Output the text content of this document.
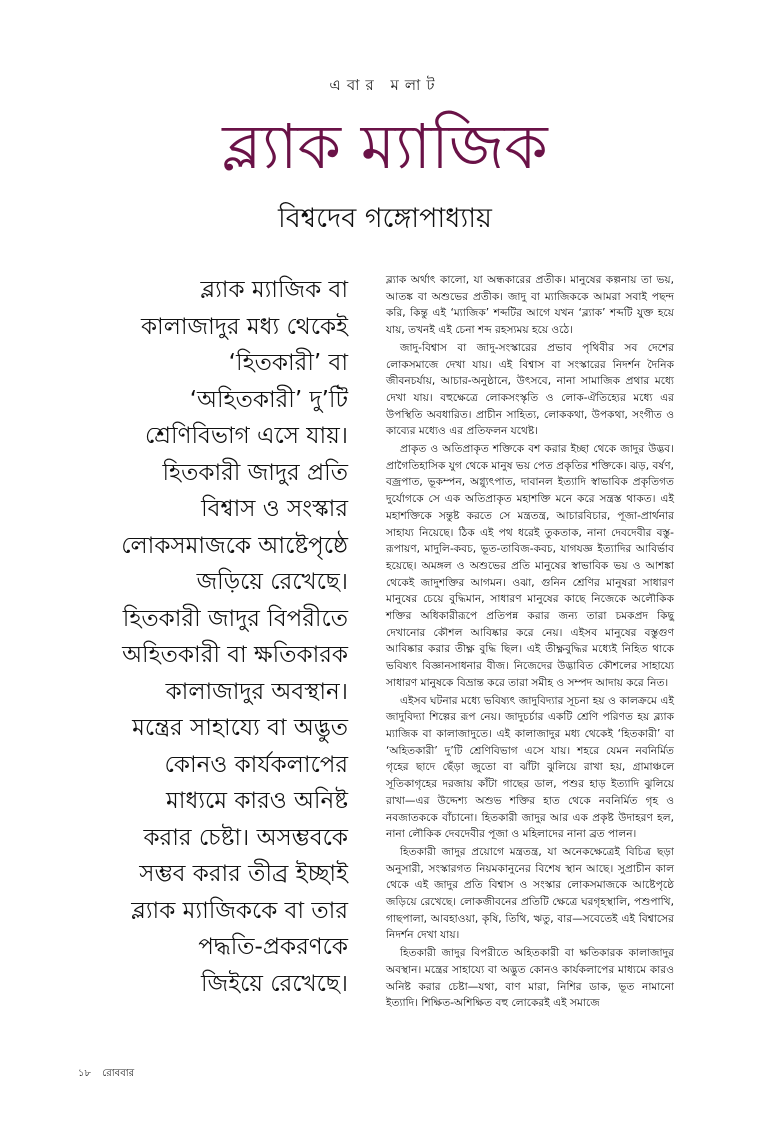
এবার মলাট
ব্ল্যাক ম্যাজিক
বিশ্বদেব গঙ্গোপাধ্যায়
ব্ল্যাক ম্যাজিক বা
কালাজাদুর মধ্য থেকেই
‘হিতকারী’ বা
‘অহিতকারী’ দু’টি
শ্রেণিবিভাগ এসে যায়।
হিতকারী জাদুর প্রতি
বিশ্বাস ও সংস্কার
লোকসমাজকে আষ্টেপৃষ্ঠে
জড়িয়ে রেখেছে।
হিতকারী জাদুর বিপরীতে
অহিতকারী বা ক্ষতিকারক
কালাজাদুর অবস্থান।
মন্ত্রের সাহায্যে বা অদ্ভুত
কোনও কার্যকলাপের
মাধ্যমে কারও অনিষ্ট
করার চেষ্টা। অসম্ভবকে
সম্ভব করার তীব্র ইচ্ছাই
ব্ল্যাক ম্যাজিককে বা তার
পদ্ধতি-প্রকরণকে
জিইয়ে রেখেছে।

ব্ল্যাক অর্থাৎ কালো, যা অন্ধকারের প্রতীক। মানুষের কল্পনায় তা ভয়, আতঙ্ক বা অশুভের প্রতীক। জাদু বা ম্যাজিককে আমরা সবাই পছন্দ করি, কিন্তু এই ‘ম্যাজিক’ শব্দটির আগে যখন ‘ব্ল্যাক’ শব্দটি যুক্ত হয়ে যায়, তখনই এই চেনা শব্দ রহস্যময় হয়ে ওঠে।

জাদু-বিশ্বাস বা জাদু-সংস্কারের প্রভাব পৃথিবীর সব দেশের লোকসমাজে দেখা যায়। এই বিশ্বাস বা সংস্কারের নিদর্শন দৈনিক জীবনচর্যায়, আচার-অনুষ্ঠানে, উৎসবে, নানা সামাজিক প্রথার মধ্যে দেখা যায়। বহুক্ষেত্রে লোকসংস্কৃতি ও লোক-ঐতিহ্যের মধ্যে এর উপস্থিতি অবধারিত। প্রাচীন সাহিত্য, লোককথা, উপকথা, সংগীত ও কাব্যের মধ্যেও এর প্রতিফলন যথেষ্ট।

প্রাকৃত ও অতিপ্রাকৃত শক্তিকে বশ করার ইচ্ছা থেকে জাদুর উদ্ভব। প্রাগৈতিহাসিক যুগ থেকে মানুষ ভয় পেত প্রকৃতির শক্তিকে। ঝড়, বর্ষণ, বজ্রপাত, ভূকম্পন, অগ্ন্যুৎপাত, দাবানল ইত্যাদি স্বাভাবিক প্রকৃতিগত দুর্যোগকে সে এক অতিপ্রাকৃত মহাশক্তি মনে করে সন্ত্রস্ত থাকত। এই মহাশক্তিকে সন্তুষ্ট করতে সে মন্ত্রতন্ত্র, আচারবিচার, পূজা-প্রার্থনার সাহায্য নিয়েছে। ঠিক এই পথ ধরেই তুকতাক, নানা দেবদেবীর বস্তু-রূপায়ণ, মাদুলি-কবচ, ভূত-তাবিজ-কবচ, যাগযজ্ঞ ইত্যাদির আবির্ভাব হয়েছে। অমঙ্গল ও অশুভের প্রতি মানুষের স্বাভাবিক ভয় ও আশঙ্কা থেকেই জাদুশক্তির আগমন। ওঝা, গুনিন শ্রেণির মানুষরা সাধারণ মানুষের চেয়ে বুদ্ধিমান, সাধারণ মানুষের কাছে নিজেকে অলৌকিক শক্তির অধিকারীরূপে প্রতিপন্ন করার জন্য তারা চমকপ্রদ কিছু দেখানোর কৌশল আবিষ্কার করে নেয়। এইসব মানুষের বস্তুগুণ আবিষ্কার করার তীক্ষ্ণ বুদ্ধি ছিল। এই তীক্ষ্ণবুদ্ধির মধ্যেই নিহিত থাকে ভবিষ্যৎ বিজ্ঞানসাধনার বীজ। নিজেদের উদ্ভাবিত কৌশলের সাহায্যে সাধারণ মানুষকে বিভ্রান্ত করে তারা সমীহ ও সম্পদ আদায় করে নিত।

এইসব ঘটনার মধ্যে ভবিষ্যৎ জাদুবিদ্যার সূচনা হয় ও কালক্রমে এই জাদুবিদ্যা শিল্পের রূপ নেয়। জাদুচর্চার একটি শ্রেণি পরিণত হয় ব্ল্যাক ম্যাজিক বা কালাজাদুতে। এই কালাজাদুর মধ্য থেকেই ‘হিতকারী’ বা ‘অহিতকারী’ দু’টি শ্রেণিবিভাগ এসে যায়। শহরে যেমন নবনির্মিত গৃহের ছাদে ছেঁড়া জুতো বা ঝাঁটা ঝুলিয়ে রাখা হয়, গ্রামাঞ্চলে সূতিকাগৃহের দরজায় কাঁটা গাছের ডাল, পশুর হাড় ইত্যাদি ঝুলিয়ে রাখা—এর উদ্দেশ্য অশুভ শক্তির হাত থেকে নবনির্মিত গৃহ ও নবজাতককে বাঁচানো। হিতকারী জাদুর আর এক প্রকৃষ্ট উদাহরণ হল, নানা লৌকিক দেবদেবীর পূজা ও মহিলাদের নানা ব্রত পালন।

হিতকারী জাদুর প্রয়োগে মন্ত্রতন্ত্র, যা অনেকক্ষেত্রেই বিচিত্র ছড়া অনুসারী, সংস্কারগত নিয়মকানুনের বিশেষ স্থান আছে। সুপ্রাচীন কাল থেকে এই জাদুর প্রতি বিশ্বাস ও সংস্কার লোকসমাজকে আষ্টেপৃষ্ঠে জড়িয়ে রেখেছে। লোকজীবনের প্রতিটি ক্ষেত্রে ঘরগৃহস্থালি, পশুপাখি, গাছপালা, আবহাওয়া, কৃষি, তিথি, ঋতু, বার—সবেতেই এই বিশ্বাসের নিদর্শন দেখা যায়।

হিতকারী জাদুর বিপরীতে অহিতকারী বা ক্ষতিকারক কালাজাদুর অবস্থান। মন্ত্রের সাহায্যে বা অদ্ভুত কোনও কার্যকলাপের মাধ্যমে কারও অনিষ্ট করার চেষ্টা—যথা, বাণ মারা, নিশির ডাক, ভূত নামানো ইত্যাদি। শিক্ষিত-অশিক্ষিত বহু লোকেরই এই সমাজে

১৮ রোববার
